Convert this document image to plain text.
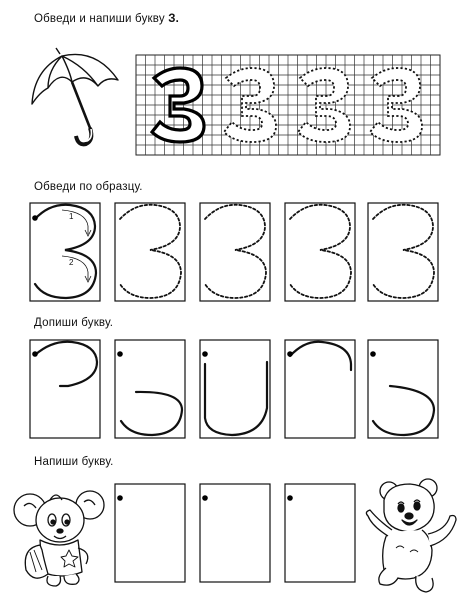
Обведи и напиши букву З.
Обведи по образцу.
Допиши букву.
Напиши букву.
1
2
